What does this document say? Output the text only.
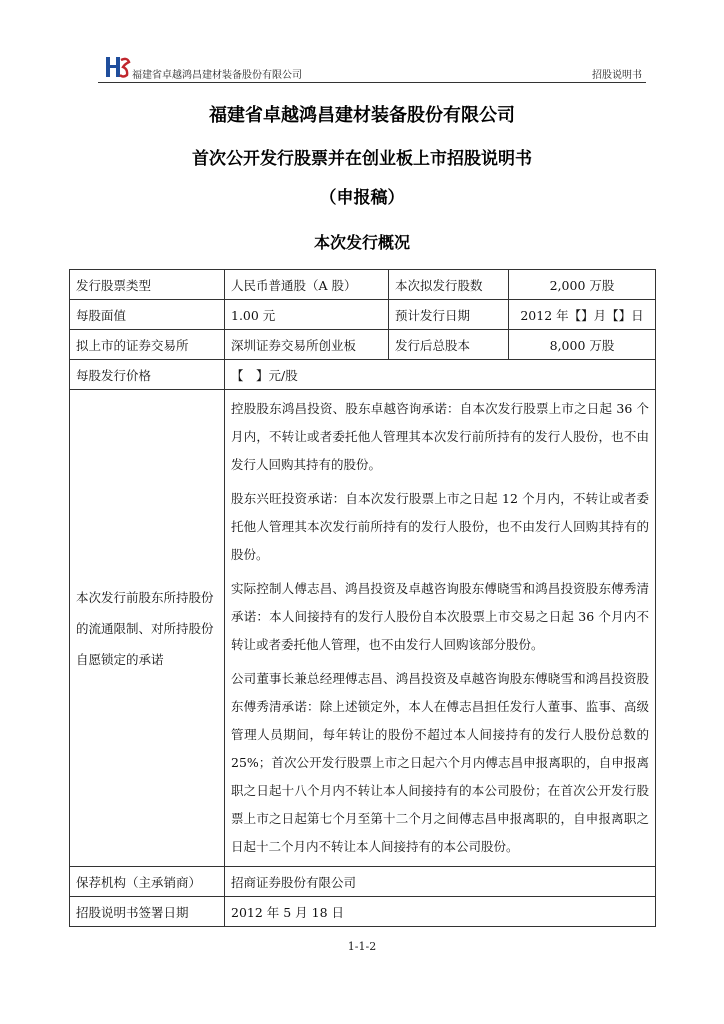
福建省卓越鸿昌建材装备股份有限公司	招股说明书
福建省卓越鸿昌建材装备股份有限公司
首次公开发行股票并在创业板上市招股说明书
（申报稿）
本次发行概况
发行股票类型	人民币普通股（A 股）	本次拟发行股数	2,000 万股
每股面值	1.00 元	预计发行日期	2012 年【】月【】日
拟上市的证券交易所	深圳证券交易所创业板	发行后总股本	8,000 万股
每股发行价格	【　】元/股		
本次发行前股东所持股份的流通限制、对所持股份自愿锁定的承诺	控股股东鸿昌投资、股东卓越咨询承诺：自本次发行股票上市之日起 36 个月内，不转让或者委托他人管理其本次发行前所持有的发行人股份，也不由发行人回购其持有的股份。

股东兴旺投资承诺：自本次发行股票上市之日起 12 个月内，不转让或者委托他人管理其本次发行前所持有的发行人股份，也不由发行人回购其持有的股份。

实际控制人傅志昌、鸿昌投资及卓越咨询股东傅晓雪和鸿昌投资股东傅秀清承诺：本人间接持有的发行人股份自本次股票上市交易之日起 36 个月内不转让或者委托他人管理，也不由发行人回购该部分股份。

公司董事长兼总经理傅志昌、鸿昌投资及卓越咨询股东傅晓雪和鸿昌投资股东傅秀清承诺：除上述锁定外，本人在傅志昌担任发行人董事、监事、高级管理人员期间，每年转让的股份不超过本人间接持有的发行人股份总数的 25%；首次公开发行股票上市之日起六个月内傅志昌申报离职的，自申报离职之日起十八个月内不转让本人间接持有的本公司股份；在首次公开发行股票上市之日起第七个月至第十二个月之间傅志昌申报离职的，自申报离职之日起十二个月内不转让本人间接持有的本公司股份。		

保荐机构（主承销商）	招商证券股份有限公司		
招股说明书签署日期	2012 年 5 月 18 日		
1-1-2
